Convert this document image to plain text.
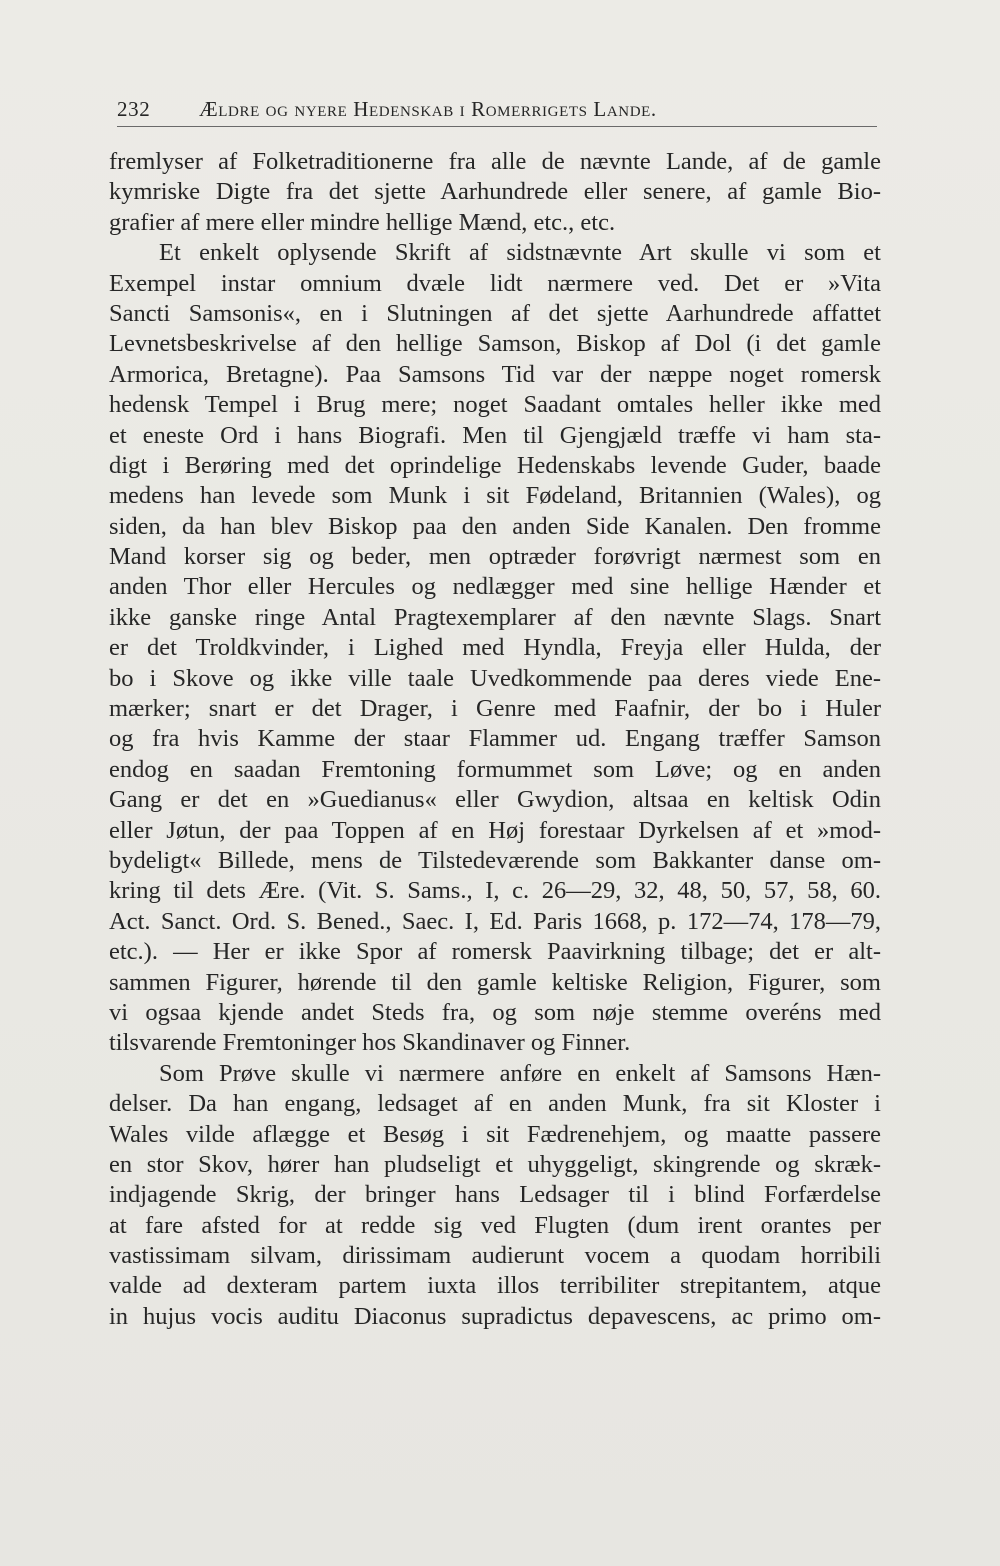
232 Ældre og nyere Hedenskab i Romerrigets Lande.
fremlyser af Folketraditionerne fra alle de nævnte Lande, af de gamle
kymriske Digte fra det sjette Aarhundrede eller senere, af gamle Bio-
grafier af mere eller mindre hellige Mænd, etc., etc.
Et enkelt oplysende Skrift af sidstnævnte Art skulle vi som et
Exempel instar omnium dvæle lidt nærmere ved. Det er »Vita
Sancti Samsonis«, en i Slutningen af det sjette Aarhundrede affattet
Levnetsbeskrivelse af den hellige Samson, Biskop af Dol (i det gamle
Armorica, Bretagne). Paa Samsons Tid var der næppe noget romersk
hedensk Tempel i Brug mere; noget Saadant omtales heller ikke med
et eneste Ord i hans Biografi. Men til Gjengjæld træffe vi ham sta-
digt i Berøring med det oprindelige Hedenskabs levende Guder, baade
medens han levede som Munk i sit Fødeland, Britannien (Wales), og
siden, da han blev Biskop paa den anden Side Kanalen. Den fromme
Mand korser sig og beder, men optræder forøvrigt nærmest som en
anden Thor eller Hercules og nedlægger med sine hellige Hænder et
ikke ganske ringe Antal Pragtexemplarer af den nævnte Slags. Snart
er det Troldkvinder, i Lighed med Hyndla, Freyja eller Hulda, der
bo i Skove og ikke ville taale Uvedkommende paa deres viede Ene-
mærker; snart er det Drager, i Genre med Faafnir, der bo i Huler
og fra hvis Kamme der staar Flammer ud. Engang træffer Samson
endog en saadan Fremtoning formummet som Løve; og en anden
Gang er det en »Guedianus« eller Gwydion, altsaa en keltisk Odin
eller Jøtun, der paa Toppen af en Høj forestaar Dyrkelsen af et »mod-
bydeligt« Billede, mens de Tilstedeværende som Bakkanter danse om-
kring til dets Ære. (Vit. S. Sams., I, c. 26—29, 32, 48, 50, 57, 58, 60.
Act. Sanct. Ord. S. Bened., Saec. I, Ed. Paris 1668, p. 172—74, 178—79,
etc.). — Her er ikke Spor af romersk Paavirkning tilbage; det er alt-
sammen Figurer, hørende til den gamle keltiske Religion, Figurer, som
vi ogsaa kjende andet Steds fra, og som nøje stemme overéns med
tilsvarende Fremtoninger hos Skandinaver og Finner.
Som Prøve skulle vi nærmere anføre en enkelt af Samsons Hæn-
delser. Da han engang, ledsaget af en anden Munk, fra sit Kloster i
Wales vilde aflægge et Besøg i sit Fædrenehjem, og maatte passere
en stor Skov, hører han pludseligt et uhyggeligt, skingrende og skræk-
indjagende Skrig, der bringer hans Ledsager til i blind Forfærdelse
at fare afsted for at redde sig ved Flugten (dum irent orantes per
vastissimam silvam, dirissimam audierunt vocem a quodam horribili
valde ad dexteram partem iuxta illos terribiliter strepitantem, atque
in hujus vocis auditu Diaconus supradictus depavescens, ac primo om-
